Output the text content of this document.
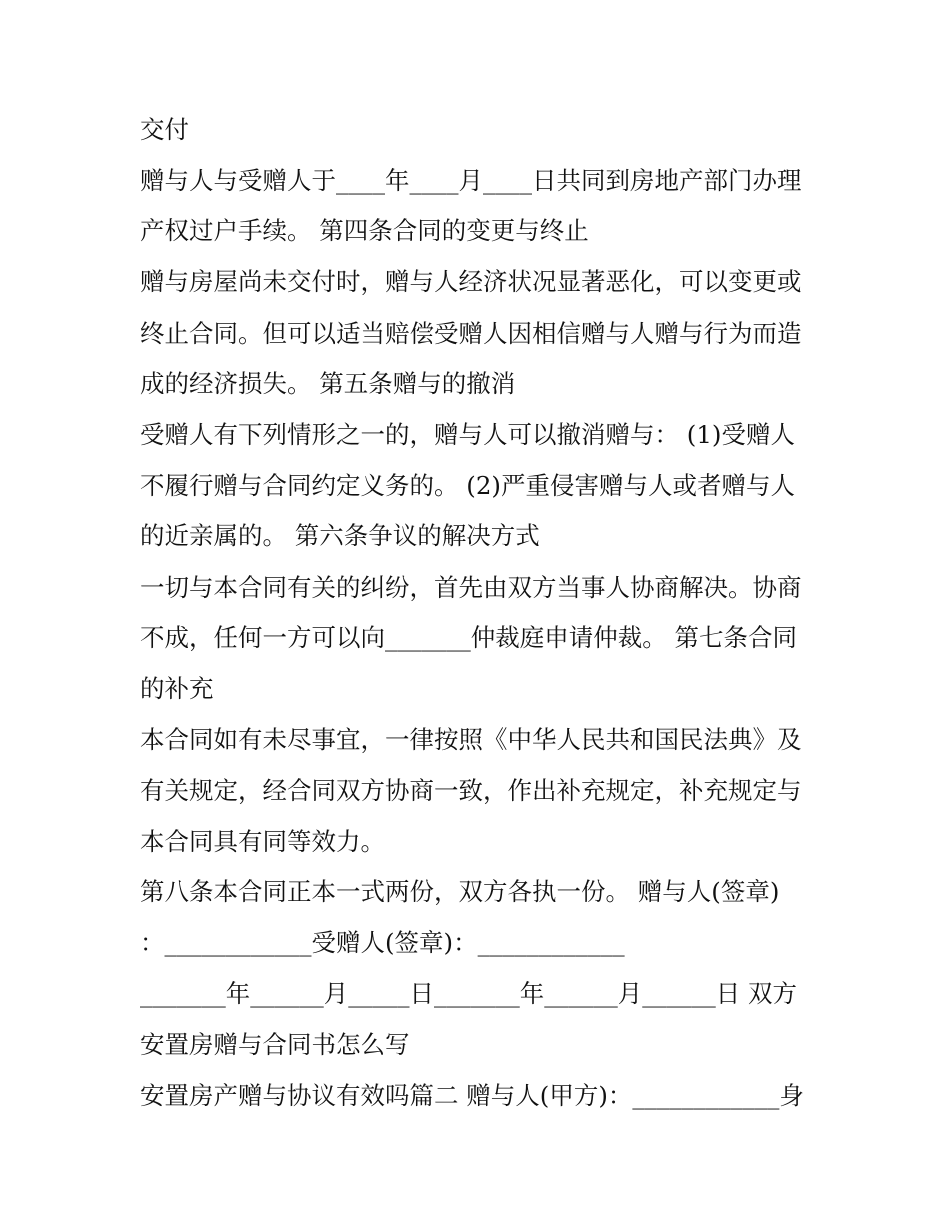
交付
赠与人与受赠人于____年____月____日共同到房地产部门办理
产权过户手续。 第四条合同的变更与终止
赠与房屋尚未交付时，赠与人经济状况显著恶化，可以变更或
终止合同。但可以适当赔偿受赠人因相信赠与人赠与行为而造
成的经济损失。 第五条赠与的撤消
受赠人有下列情形之一的，赠与人可以撤消赠与： (1)受赠人
不履行赠与合同约定义务的。 (2)严重侵害赠与人或者赠与人
的近亲属的。 第六条争议的解决方式
一切与本合同有关的纠纷，首先由双方当事人协商解决。协商
不成，任何一方可以向_______仲裁庭申请仲裁。 第七条合同
的补充
本合同如有未尽事宜，一律按照《中华人民共和国民法典》及
有关规定，经合同双方协商一致，作出补充规定，补充规定与
本合同具有同等效力。
第八条本合同正本一式两份，双方各执一份。 赠与人(签章)
：____________受赠人(签章)：____________
_______年______月_____日_______年______月______日 双方
安置房赠与合同书怎么写
安置房产赠与协议有效吗篇二 赠与人(甲方)：____________身
